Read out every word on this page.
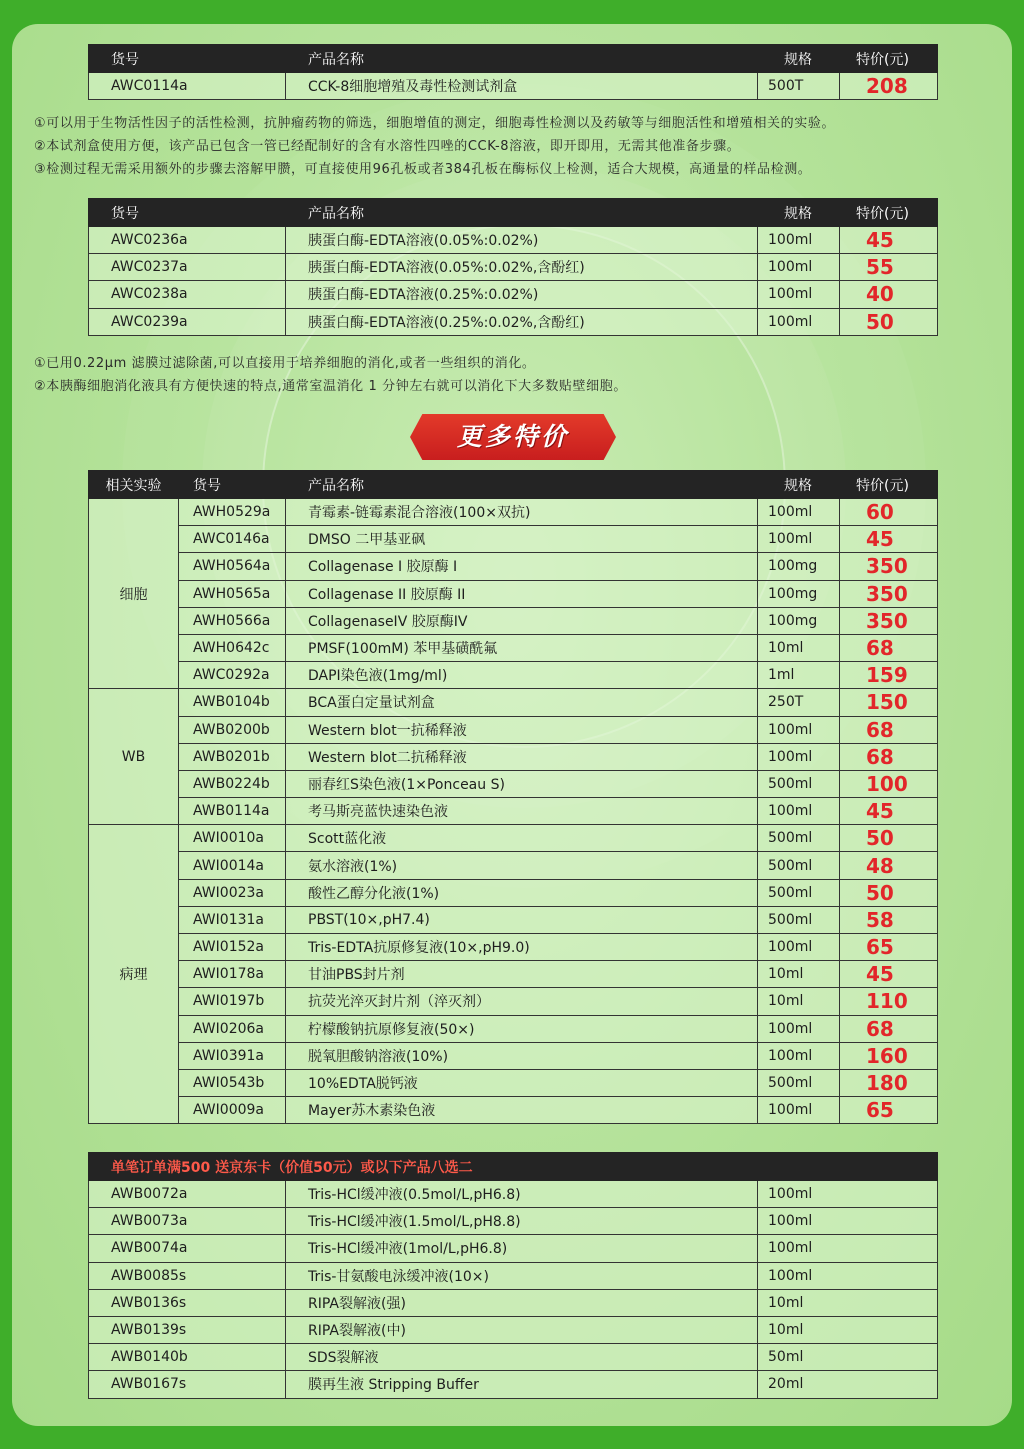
货号	产品名称	规格	特价(元)
AWC0114a	CCK-8细胞增殖及毒性检测试剂盒	500T	208

①可以用于生物活性因子的活性检测，抗肿瘤药物的筛选，细胞增值的测定，细胞毒性检测以及药敏等与细胞活性和增殖相关的实验。

②本试剂盒使用方便，该产品已包含一管已经配制好的含有水溶性四唑的CCK-8溶液，即开即用，无需其他准备步骤。

③检测过程无需采用额外的步骤去溶解甲臜，可直接使用96孔板或者384孔板在酶标仪上检测，适合大规模，高通量的样品检测。

货号	产品名称	规格	特价(元)
AWC0236a	胰蛋白酶-EDTA溶液(0.05%:0.02%)	100ml	45
AWC0237a	胰蛋白酶-EDTA溶液(0.05%:0.02%,含酚红)	100ml	55
AWC0238a	胰蛋白酶-EDTA溶液(0.25%:0.02%)	100ml	40
AWC0239a	胰蛋白酶-EDTA溶液(0.25%:0.02%,含酚红)	100ml	50

①已用0.22μm 滤膜过滤除菌,可以直接用于培养细胞的消化,或者一些组织的消化。

②本胰酶细胞消化液具有方便快速的特点,通常室温消化 1 分钟左右就可以消化下大多数贴壁细胞。

更多特价
相关实验	货号	产品名称	规格	特价(元)
细胞	AWH0529a	青霉素-链霉素混合溶液(100×双抗)	100ml	60
	AWC0146a	DMSO 二甲基亚砜	100ml	45
	AWH0564a	Collagenase I 胶原酶 I	100mg	350
	AWH0565a	Collagenase II 胶原酶 II	100mg	350
	AWH0566a	CollagenaseIV 胶原酶IV	100mg	350
	AWH0642c	PMSF(100mM) 苯甲基磺酰氟	10ml	68
	AWC0292a	DAPI染色液(1mg/ml)	1ml	159
WB	AWB0104b	BCA蛋白定量试剂盒	250T	150
	AWB0200b	Western blot一抗稀释液	100ml	68
	AWB0201b	Western blot二抗稀释液	100ml	68
	AWB0224b	丽春红S染色液(1×Ponceau S)	500ml	100
	AWB0114a	考马斯亮蓝快速染色液	100ml	45
病理	AWI0010a	Scott蓝化液	500ml	50
	AWI0014a	氨水溶液(1%)	500ml	48
	AWI0023a	酸性乙醇分化液(1%)	500ml	50
	AWI0131a	PBST(10×,pH7.4)	500ml	58
	AWI0152a	Tris-EDTA抗原修复液(10×,pH9.0)	100ml	65
	AWI0178a	甘油PBS封片剂	10ml	45
	AWI0197b	抗荧光淬灭封片剂（淬灭剂）	10ml	110
	AWI0206a	柠檬酸钠抗原修复液(50×)	100ml	68
	AWI0391a	脱氧胆酸钠溶液(10%)	100ml	160
	AWI0543b	10%EDTA脱钙液	500ml	180
	AWI0009a	Mayer苏木素染色液	100ml	65
单笔订单满500 送京东卡（价值50元）或以下产品八选二		
AWB0072a	Tris-HCl缓冲液(0.5mol/L,pH6.8)	100ml
AWB0073a	Tris-HCl缓冲液(1.5mol/L,pH8.8)	100ml
AWB0074a	Tris-HCl缓冲液(1mol/L,pH6.8)	100ml
AWB0085s	Tris-甘氨酸电泳缓冲液(10×)	100ml
AWB0136s	RIPA裂解液(强)	10ml
AWB0139s	RIPA裂解液(中)	10ml
AWB0140b	SDS裂解液	50ml
AWB0167s	膜再生液 Stripping Buffer	20ml
